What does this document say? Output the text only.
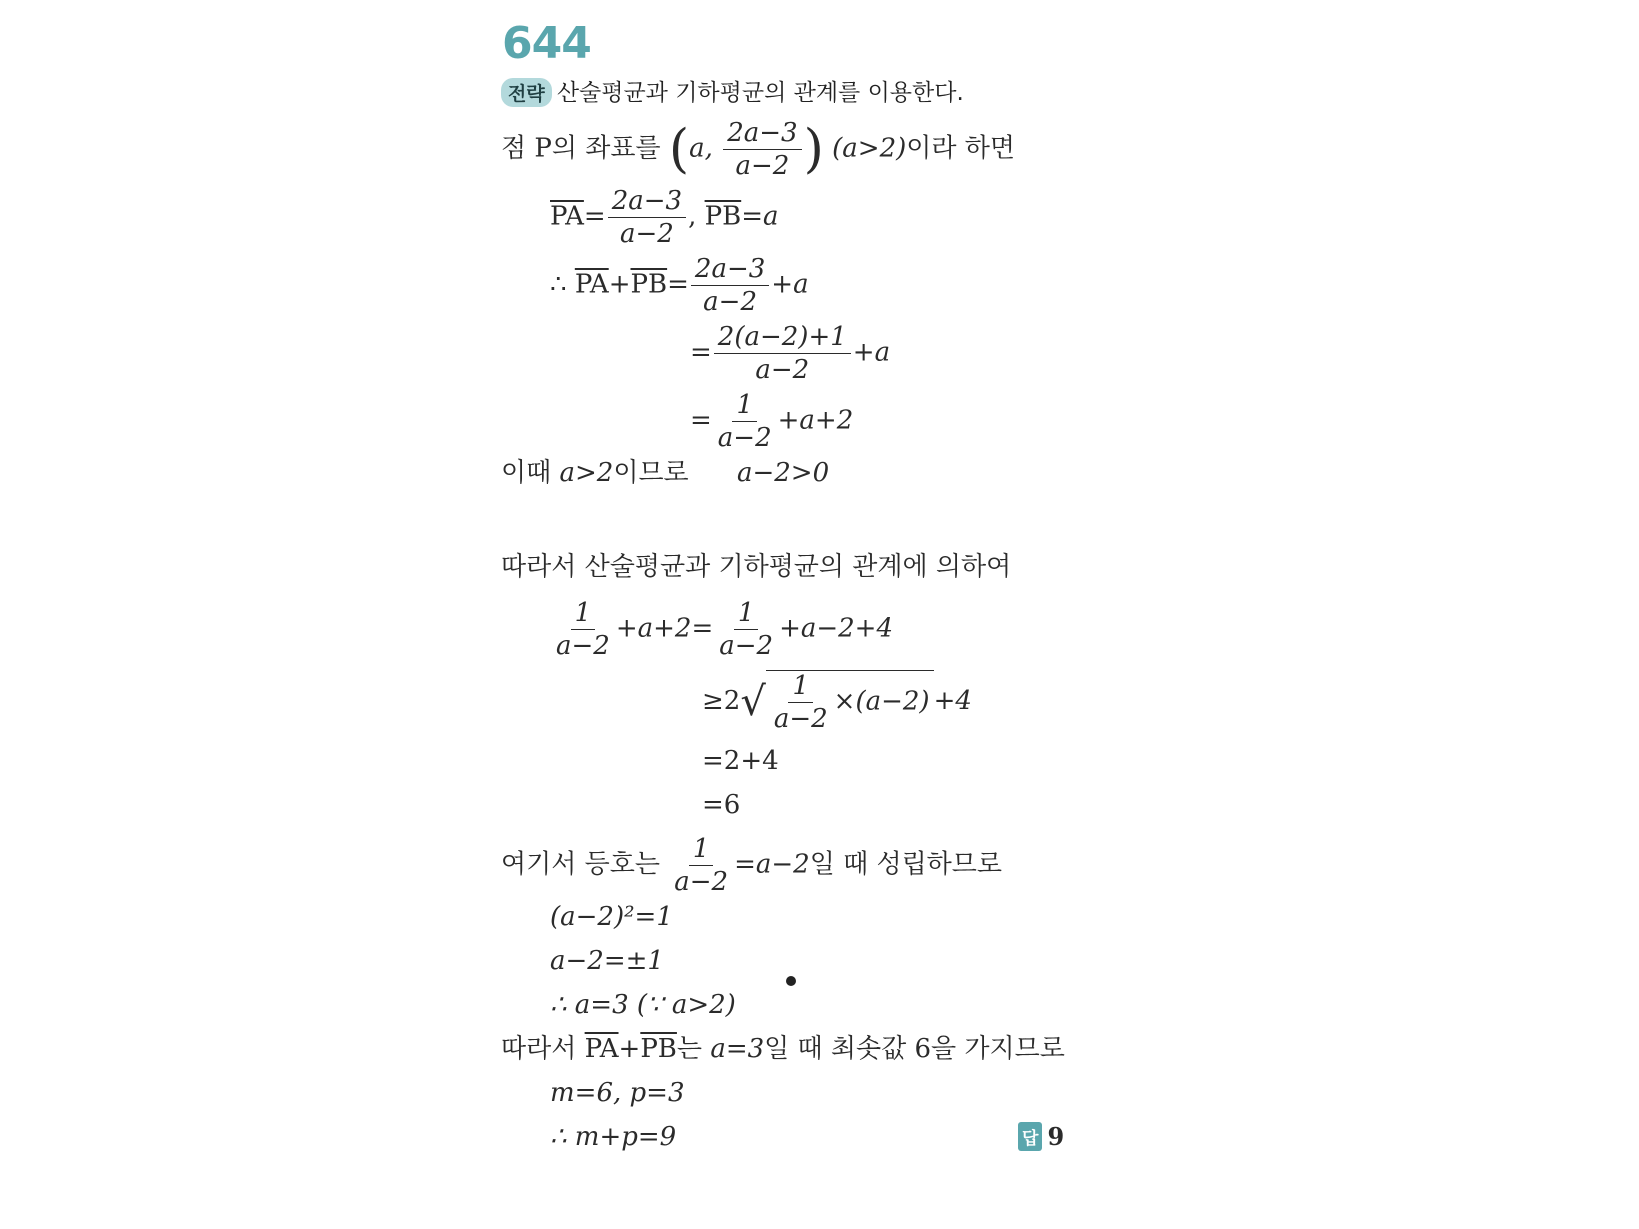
644
전략 산술평균과 기하평균의 관계를 이용한다.
점 P의 좌표를 (a, $\frac{2a-3}{a-2}$ ) (a>2)이라 하면
$\overline{PA}= \frac{2a-3}{a-2}$ , $\overline{PB}=a$
∴ $\overline{PA}+\overline{PB}= \frac{2a-3}{a-2} +a$
= $\frac{2(a-2)+1}{a-2} +a$
= $\frac{1}{a-2} +a+2$
이때 a>2이므로 a−2>0
따라서 산술평균과 기하평균의 관계에 의하여
$\frac{1}{a-2} +a+2= \frac{1}{a-2} +a-2+4$
$\ge 2√ \frac{1}{a-2} \times(a-2) +4$
=2+4
=6
여기서 등호는 $\frac{1}{a-2} =a-2$일 때 성립하므로
(a−2)²=1
a−2=±1
∴ a=3 (∵ a>2)
따라서 $\overline{PA}+\overline{PB}$는 a=3일 때 최솟값 6을 가지므로
m=6, p=3
∴ m+p=9	답 9
